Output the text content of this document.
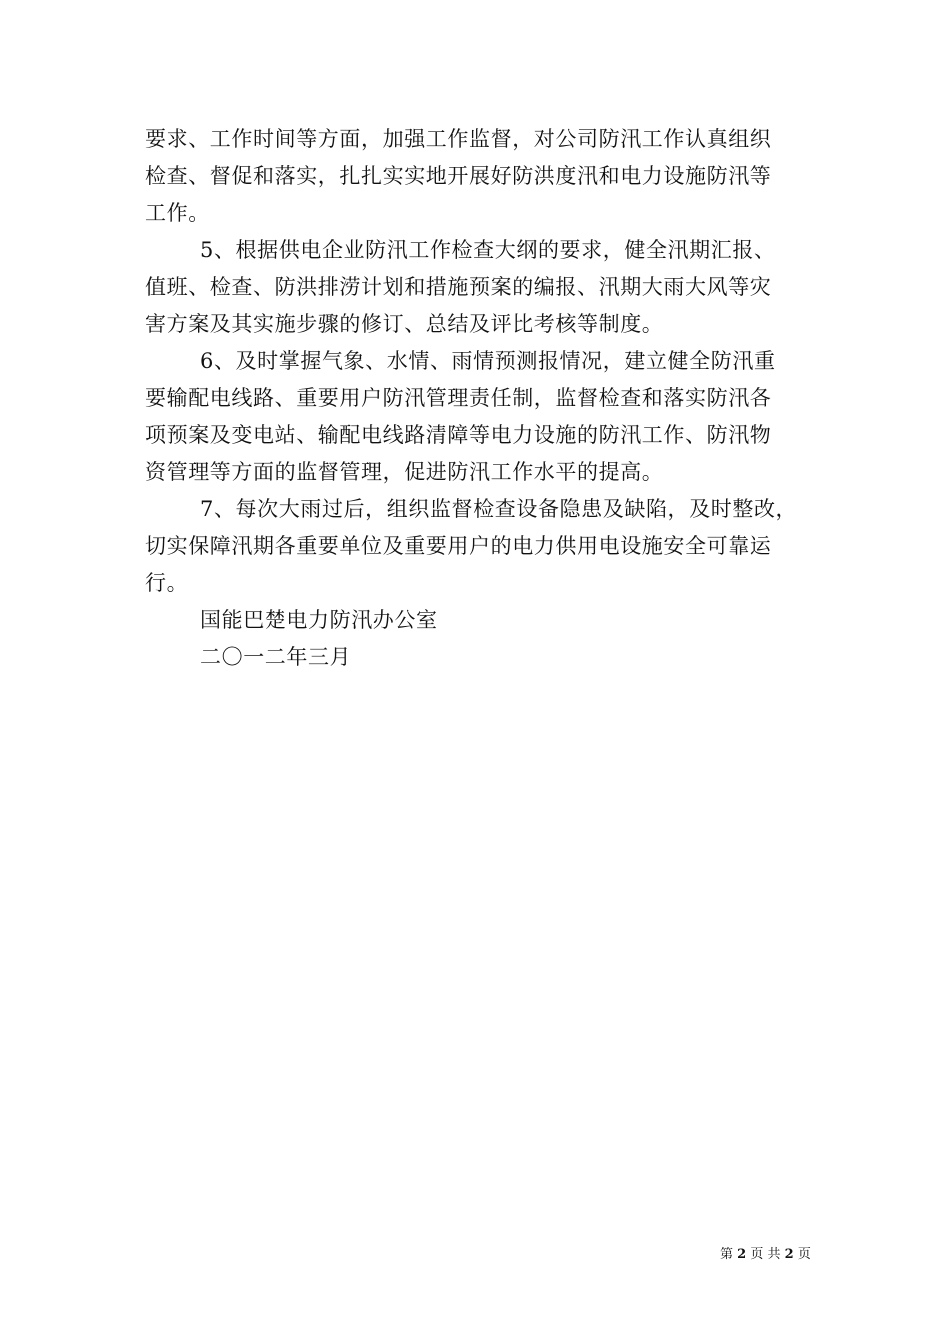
要求、工作时间等方面，加强工作监督，对公司防汛工作认真组织
检查、督促和落实，扎扎实实地开展好防洪度汛和电力设施防汛等
工作。
5、根据供电企业防汛工作检查大纲的要求，健全汛期汇报、
值班、检查、防洪排涝计划和措施预案的编报、汛期大雨大风等灾
害方案及其实施步骤的修订、总结及评比考核等制度。
6、及时掌握气象、水情、雨情预测报情况，建立健全防汛重
要输配电线路、重要用户防汛管理责任制，监督检查和落实防汛各
项预案及变电站、输配电线路清障等电力设施的防汛工作、防汛物
资管理等方面的监督管理，促进防汛工作水平的提高。
7、每次大雨过后，组织监督检查设备隐患及缺陷，及时整改，
切实保障汛期各重要单位及重要用户的电力供用电设施安全可靠运
行。
国能巴楚电力防汛办公室
二〇一二年三月
第 2 页 共 2 页
